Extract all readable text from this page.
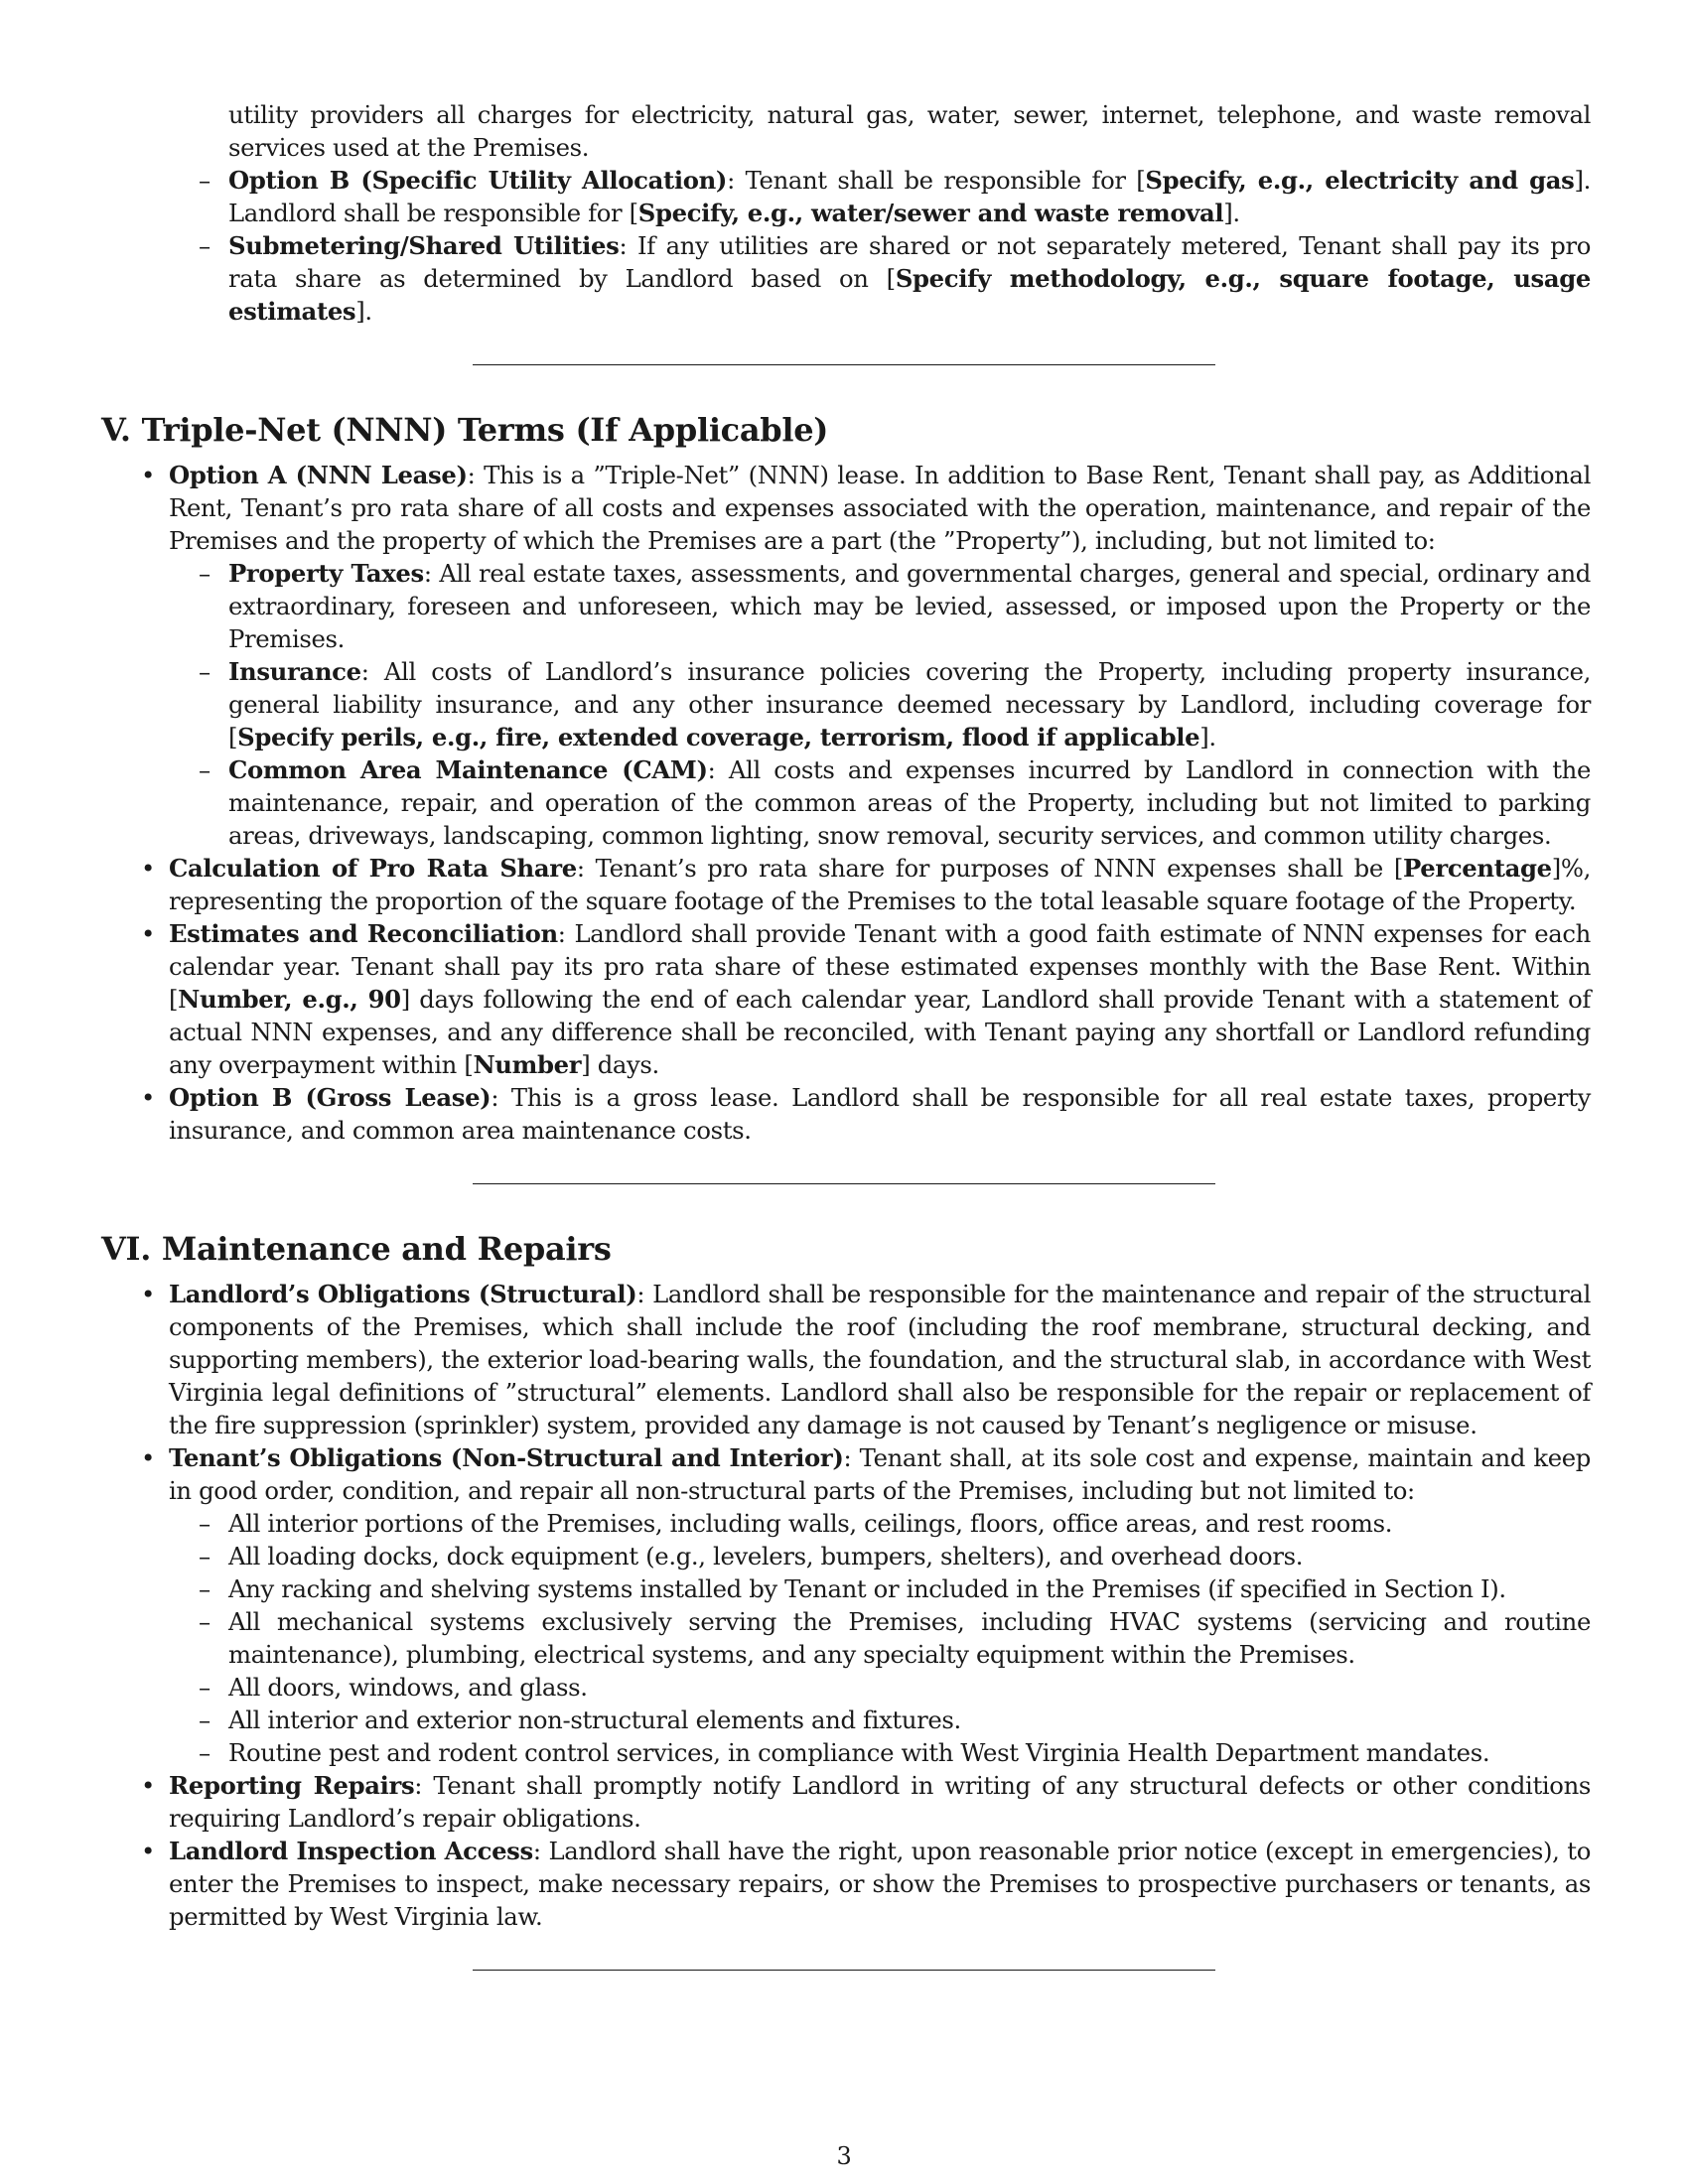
utility providers all charges for electricity, natural gas, water, sewer, internet, telephone, and waste removal services used at the Premises.

– Option B (Specific Utility Allocation): Tenant shall be responsible for [Specify, e.g., electricity and gas]. Landlord shall be responsible for [Specify, e.g., water/sewer and waste removal].

– Submetering/Shared Utilities: If any utilities are shared or not separately metered, Tenant shall pay its pro rata share as determined by Landlord based on [Specify methodology, e.g., square footage, usage estimates].

V. Triple-Net (NNN) Terms (If Applicable)

• Option A (NNN Lease): This is a ”Triple-Net” (NNN) lease. In addition to Base Rent, Tenant shall pay, as Additional Rent, Tenant’s pro rata share of all costs and expenses associated with the operation, maintenance, and repair of the Premises and the property of which the Premises are a part (the ”Property”), including, but not limited to:

– Property Taxes: All real estate taxes, assessments, and governmental charges, general and special, ordinary and extraordinary, foreseen and unforeseen, which may be levied, assessed, or imposed upon the Property or the Premises.

– Insurance: All costs of Landlord’s insurance policies covering the Property, including property insurance, general liability insurance, and any other insurance deemed necessary by Landlord, including coverage for [Specify perils, e.g., fire, extended coverage, terrorism, flood if applicable].

– Common Area Maintenance (CAM): All costs and expenses incurred by Landlord in connection with the maintenance, repair, and operation of the common areas of the Property, including but not limited to parking areas, driveways, landscaping, common lighting, snow removal, security services, and common utility charges.

• Calculation of Pro Rata Share: Tenant’s pro rata share for purposes of NNN expenses shall be [Percentage]%, representing the proportion of the square footage of the Premises to the total leasable square footage of the Property.

• Estimates and Reconciliation: Landlord shall provide Tenant with a good faith estimate of NNN expenses for each calendar year. Tenant shall pay its pro rata share of these estimated expenses monthly with the Base Rent. Within [Number, e.g., 90] days following the end of each calendar year, Landlord shall provide Tenant with a statement of actual NNN expenses, and any difference shall be reconciled, with Tenant paying any shortfall or Landlord refunding any overpayment within [Number] days.

• Option B (Gross Lease): This is a gross lease. Landlord shall be responsible for all real estate taxes, property insurance, and common area maintenance costs.

VI. Maintenance and Repairs

• Landlord’s Obligations (Structural): Landlord shall be responsible for the maintenance and repair of the structural components of the Premises, which shall include the roof (including the roof membrane, structural decking, and supporting members), the exterior load-bearing walls, the foundation, and the structural slab, in accordance with West Virginia legal definitions of ”structural” elements. Landlord shall also be responsible for the repair or replacement of the fire suppression (sprinkler) system, provided any damage is not caused by Tenant’s negligence or misuse.

• Tenant’s Obligations (Non-Structural and Interior): Tenant shall, at its sole cost and expense, maintain and keep in good order, condition, and repair all non-structural parts of the Premises, including but not limited to:

– All interior portions of the Premises, including walls, ceilings, floors, office areas, and rest rooms.

– All loading docks, dock equipment (e.g., levelers, bumpers, shelters), and overhead doors.

– Any racking and shelving systems installed by Tenant or included in the Premises (if specified in Section I).

– All mechanical systems exclusively serving the Premises, including HVAC systems (servicing and routine maintenance), plumbing, electrical systems, and any specialty equipment within the Premises.

– All doors, windows, and glass.

– All interior and exterior non-structural elements and fixtures.

– Routine pest and rodent control services, in compliance with West Virginia Health Department mandates.

• Reporting Repairs: Tenant shall promptly notify Landlord in writing of any structural defects or other conditions requiring Landlord’s repair obligations.

• Landlord Inspection Access: Landlord shall have the right, upon reasonable prior notice (except in emergencies), to enter the Premises to inspect, make necessary repairs, or show the Premises to prospective purchasers or tenants, as permitted by West Virginia law.

3
